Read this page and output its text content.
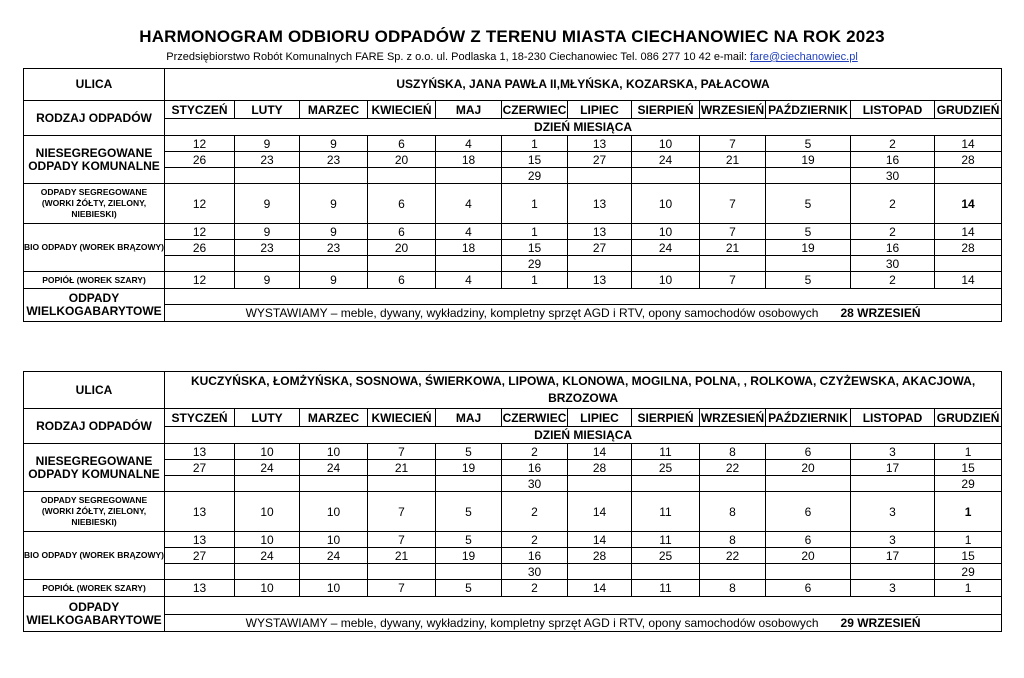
HARMONOGRAM ODBIORU ODPADÓW Z TERENU MIASTA CIECHANOWIEC NA ROK 2023
Przedsiębiorstwo Robót Komunalnych FARE Sp. z o.o. ul. Podlaska 1, 18-230 Ciechanowiec Tel. 086 277 10 42 e-mail: fare@ciechanowiec.pl
ULICA	USZYŃSKA, JANA PAWŁA II,MŁYŃSKA, KOZARSKA, PAŁACOWA											
RODZAJ ODPADÓW	STYCZEŃ	LUTY	MARZEC	KWIECIEŃ	MAJ	CZERWIEC	LIPIEC	SIERPIEŃ	WRZESIEŃ	PAŹDZIERNIK	LISTOPAD	GRUDZIEŃ
	DZIEŃ MIESIĄCA											
NIESEGREGOWANE ODPADY KOMUNALNE	12	9	9	6	4	1	13	10	7	5	2	14
	26	23	23	20	18	15	27	24	21	19	16	28
						29					30	
ODPADY SEGREGOWANE (WORKI ŻÓŁTY, ZIELONY, NIEBIESKI)	12	9	9	6	4	1	13	10	7	5	2	14
BIO ODPADY (WOREK BRĄZOWY)	12	9	9	6	4	1	13	10	7	5	2	14
	26	23	23	20	18	15	27	24	21	19	16	28
						29					30	
POPIÓŁ (WOREK SZARY)	12	9	9	6	4	1	13	10	7	5	2	14
ODPADY WIELKOGABARYTOWE												
	WYSTAWIAMY – meble, dywany, wykładziny, kompletny sprzęt AGD i RTV, opony samochodów osobowych 28 WRZESIEŃ											
ULICA	KUCZYŃSKA, ŁOMŻYŃSKA, SOSNOWA, ŚWIERKOWA, LIPOWA, KLONOWA, MOGILNA, POLNA, , ROLKOWA, CZYŻEWSKA, AKACJOWA, BRZOZOWA											
RODZAJ ODPADÓW	STYCZEŃ	LUTY	MARZEC	KWIECIEŃ	MAJ	CZERWIEC	LIPIEC	SIERPIEŃ	WRZESIEŃ	PAŹDZIERNIK	LISTOPAD	GRUDZIEŃ
	DZIEŃ MIESIĄCA											
NIESEGREGOWANE ODPADY KOMUNALNE	13	10	10	7	5	2	14	11	8	6	3	1
	27	24	24	21	19	16	28	25	22	20	17	15
						30						29
ODPADY SEGREGOWANE (WORKI ŻÓŁTY, ZIELONY, NIEBIESKI)	13	10	10	7	5	2	14	11	8	6	3	1
BIO ODPADY (WOREK BRĄZOWY)	13	10	10	7	5	2	14	11	8	6	3	1
	27	24	24	21	19	16	28	25	22	20	17	15
						30						29
POPIÓŁ (WOREK SZARY)	13	10	10	7	5	2	14	11	8	6	3	1
ODPADY WIELKOGABARYTOWE												
	WYSTAWIAMY – meble, dywany, wykładziny, kompletny sprzęt AGD i RTV, opony samochodów osobowych 29 WRZESIEŃ											
